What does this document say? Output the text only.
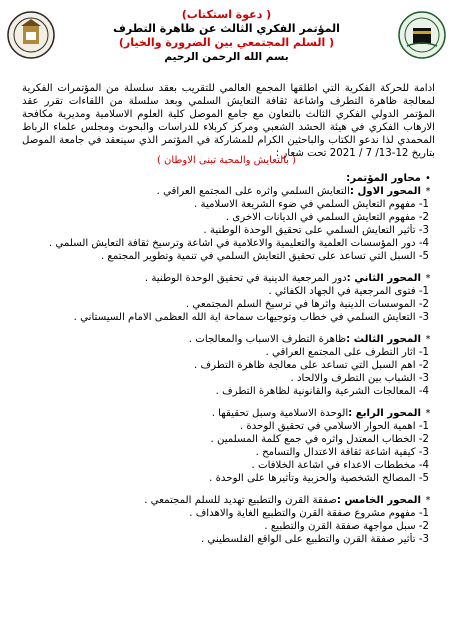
( دعوة استكتاب)
المؤتمر الفكري الثالث عن ظاهرة التطرف
( السلم المجتمعي بين الضرورة والخيار)
بسم الله الرحمن الرحيم

ادامة للحركة الفكرية التي اطلقها المجمع العالمي للتقريب بعقد سلسلة من المؤتمرات الفكرية لمعالجة ظاهرة التطرف واشاعة ثقافة التعايش السلمي وبعد سلسلة من اللقاءات تقرر عقد المؤتمر الدولي الفكري الثالث بالتعاون مع جامع الموصل كلية العلوم الاسلامية ومديرية مكافحة الارهاب الفكري في هيئة الحشد الشعبي ومركز كربلاء للدراسات والبحوث ومجلس علماء الرباط المحمدي لذا ندعو الكتاب والباحثين الكرام للمشاركة في المؤتمر الذي سينعقد في جامعة الموصل بتاريخ 12-13/ 7 / 2021 تحت شعار :

( بالتعايش والمحبة تبنى الاوطان )
•
محاور المؤتمر:
*
المحور الاول :
التعايش السلمي واثره على المجتمع العراقي .
1- مفهوم التعايش السلمي في ضوء الشريعة الاسلامية .
2- مفهوم التعايش السلمي في الديانات الاخرى .
3- تأثير التعايش السلمي على تحقيق الوحدة الوطنية .
4- دور المؤسسات العلمية والتعليمية والاعلامية في اشاعة وترسيخ ثقافة التعايش السلمي .
5- السبل التي تساعد على تحقيق التعايش السلمي في تنمية وتطوير المجتمع .
*
المحور الثاني :
دور المرجعية الدينية في تحقيق الوحدة الوطنية .
1- فتوى المرجعية في الجهاد الكفائي .
2- الموسسات الدينية واثرها في ترسيخ السلم المجتمعي .
3- التعايش السلمي في خطاب وتوجيهات سماحة اية الله العظمى الامام السيستاني .
*
المحور الثالث :
ظاهرة التطرف الاسباب والمعالجات .
1- اثار التطرف على المجتمع العراقي .
2- اهم السبل التي تساعد على معالجة ظاهرة التطرف .
3- الشباب بين التطرف والالحاد .
4- المعالجات الشرعية والقانونية لظاهرة التطرف .
*
المحور الرابع :
الوحدة الاسلامية وسبل تحقيقها .
1- اهمية الحوار الاسلامي في تحقيق الوحدة .
2- الخطاب المعتدل واثره في جمع كلمة المسلمين .
3- كيفية اشاعة ثقافة الاعتدال والتسامح .
4- مخططات الاعداء في اشاعة الخلافات .
5- المصالح الشخصية والحزبية وتأثيرها على الوحدة .
*
المحور الخامس :
صفقة القرن والتطبيع تهديد للسلم المجتمعي .
1- مفهوم مشروع صفقة القرن والتطبيع الغاية والاهداف .
2- سبل مواجهة صفقة القرن والتطبيع .
3- تأثير صفقة القرن والتطبيع على الواقع الفلسطيني .
